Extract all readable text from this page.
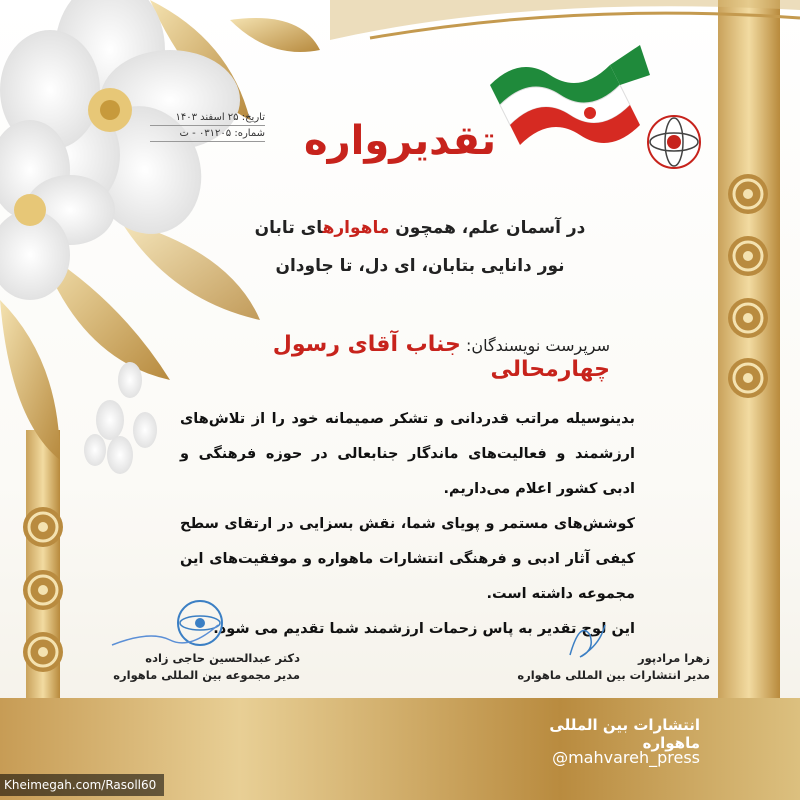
تقدیرواره
تاریخ: ۲۵ اسفند ۱۴۰۳
شماره: ۰۳۱۲۰۵ - ت
در آسمان علم، همچون ماهوارهای تابان
نور دانایی بتابان، ای دل، تا جاودان
سرپرست نویسندگان: جناب آقای رسول چهارمحالی

بدینوسیله مراتب قدردانی و تشکر صمیمانه خود را از تلاش‌های ارزشمند و فعالیت‌های ماندگار جنابعالی در حوزه فرهنگی و ادبی کشور اعلام می‌داریم.

کوشش‌های مستمر و پویای شما، نقش بسزایی در ارتقای سطح کیفی آثار ادبی و فرهنگی انتشارات ماهواره و موفقیت‌های این مجموعه داشته است.

این لوح تقدیر به پاس زحمات ارزشمند شما تقدیم می شود.

دکتر عبدالحسین حاجی زاده
مدیر مجموعه بین المللی ماهواره
زهرا مرادپور
مدیر انتشارات بین المللی ماهواره
انتشارات بین المللی ماهواره
@mahvareh_press
Kheimegah.com/Rasoll60
